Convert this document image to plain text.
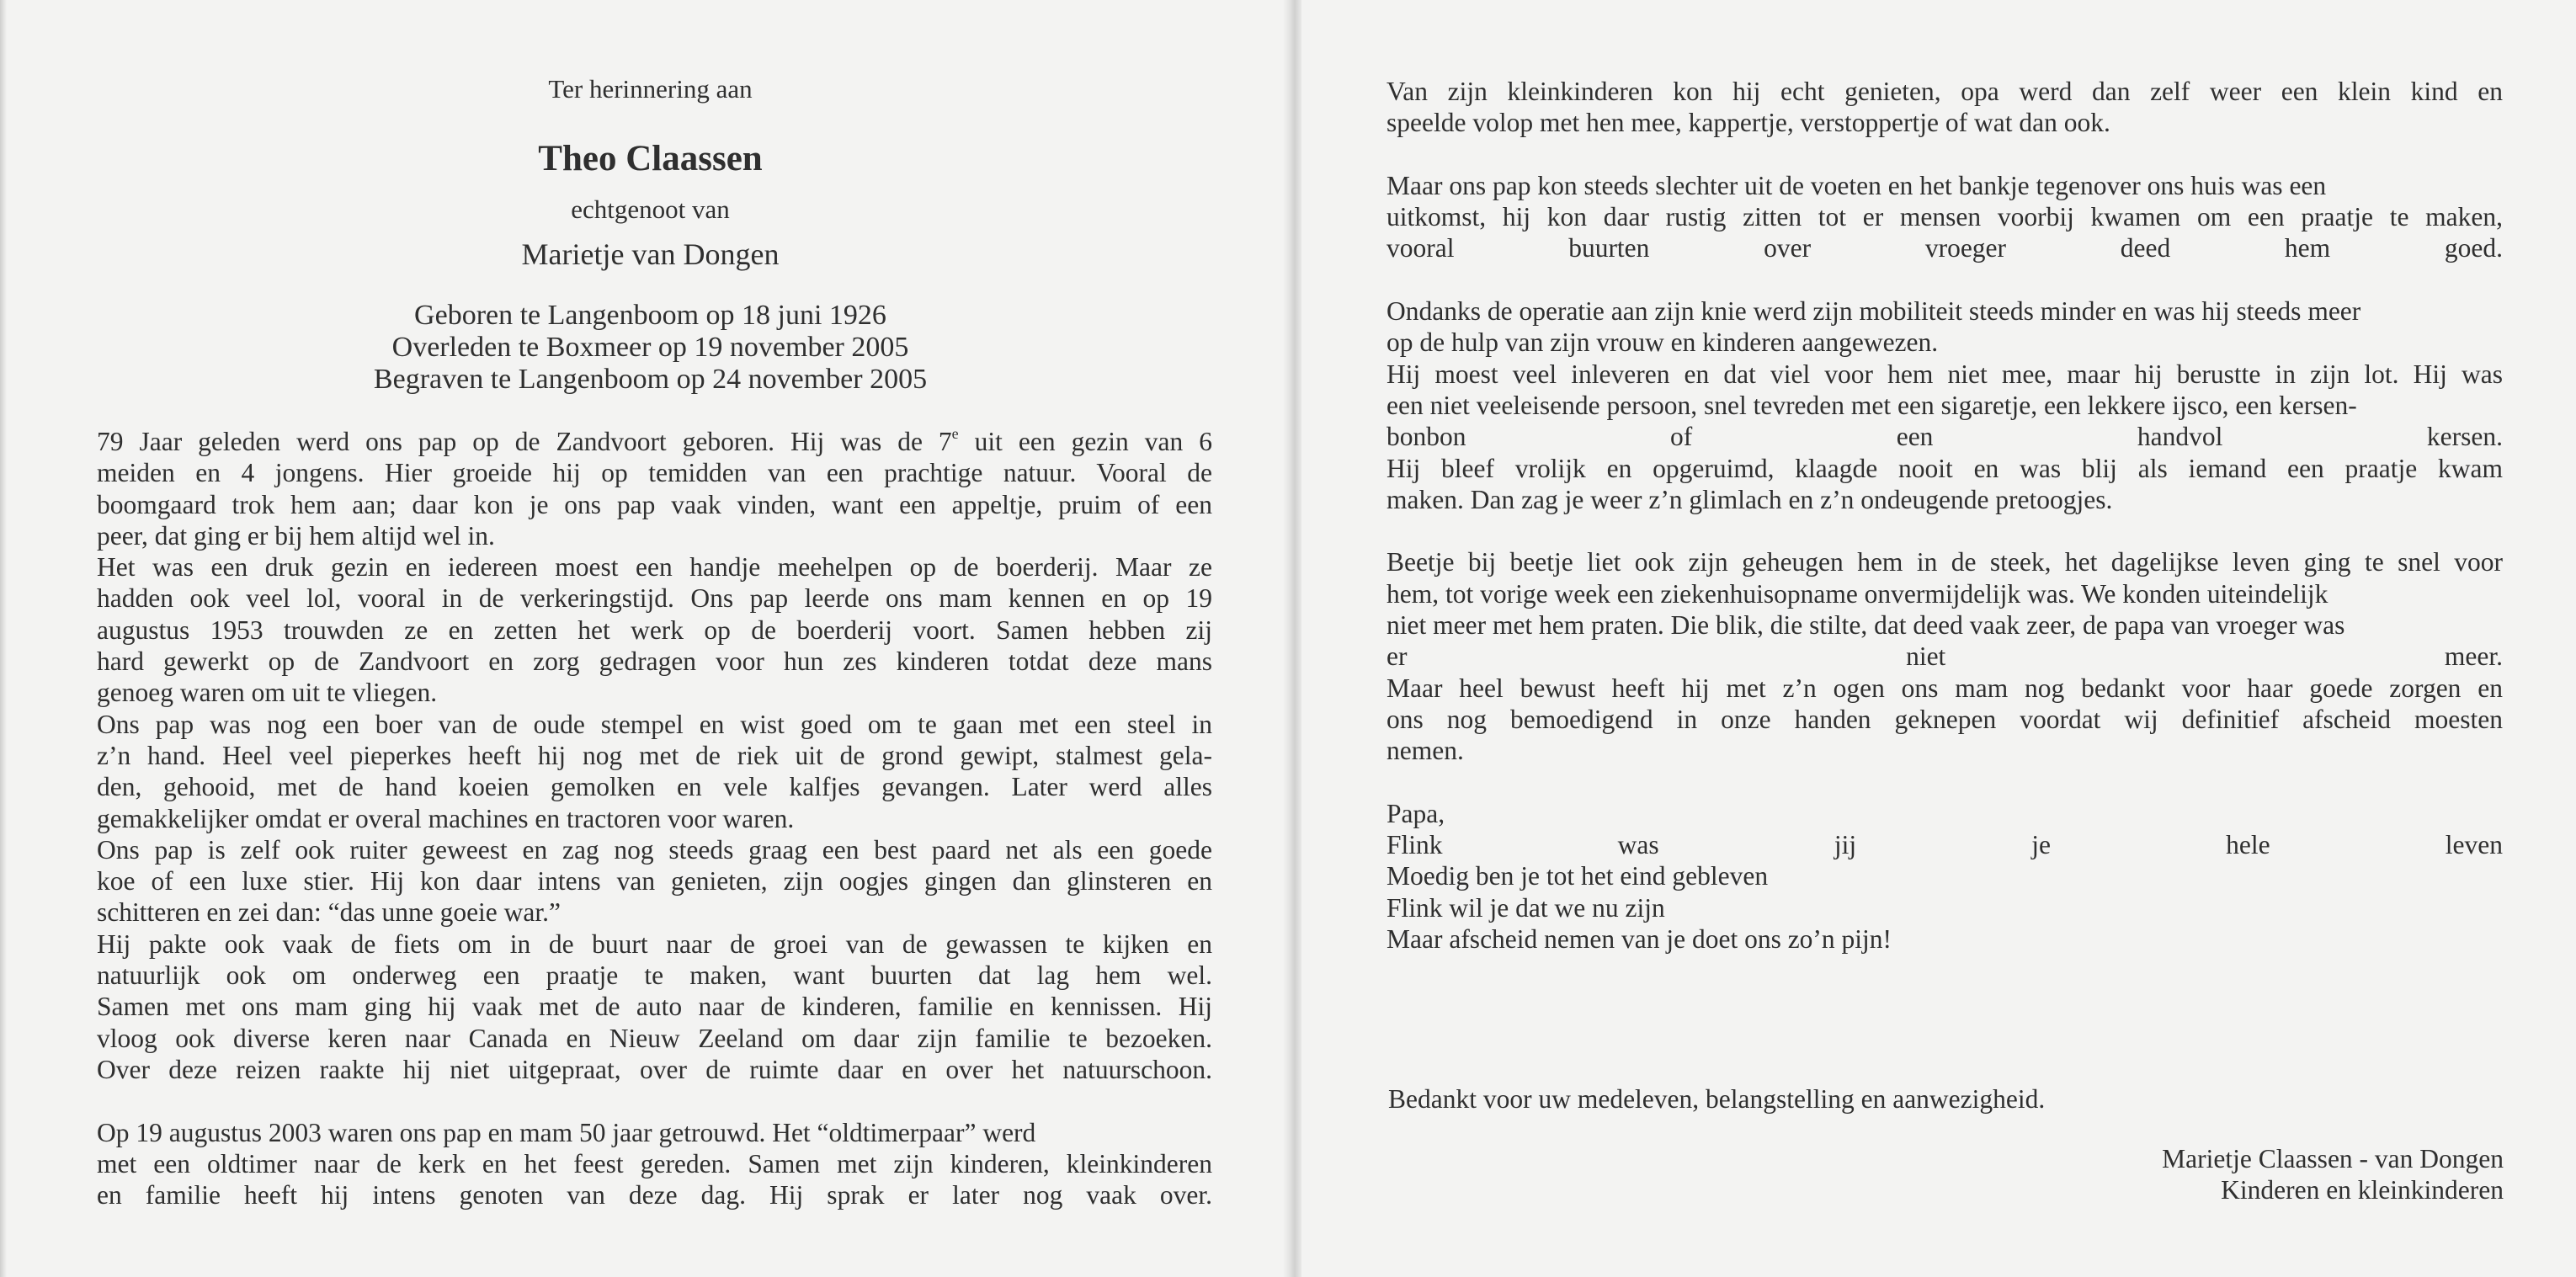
Ter herinnering aan
Theo Claassen
echtgenoot van
Marietje van Dongen
Geboren te Langenboom op 18 juni 1926
Overleden te Boxmeer op 19 november 2005
Begraven te Langenboom op 24 november 2005

79 Jaar geleden werd ons pap op de Zandvoort geboren. Hij was de 7e uit een gezin van 6

meiden en 4 jongens. Hier groeide hij op temidden van een prachtige natuur. Vooral de

boomgaard trok hem aan; daar kon je ons pap vaak vinden, want een appeltje, pruim of een

peer, dat ging er bij hem altijd wel in.

Het was een druk gezin en iedereen moest een handje meehelpen op de boerderij. Maar ze

hadden ook veel lol, vooral in de verkeringstijd. Ons pap leerde ons mam kennen en op 19

augustus 1953 trouwden ze en zetten het werk op de boerderij voort. Samen hebben zij

hard gewerkt op de Zandvoort en zorg gedragen voor hun zes kinderen totdat deze mans

genoeg waren om uit te vliegen.

Ons pap was nog een boer van de oude stempel en wist goed om te gaan met een steel in

z’n hand. Heel veel pieperkes heeft hij nog met de riek uit de grond gewipt, stalmest gela-

den, gehooid, met de hand koeien gemolken en vele kalfjes gevangen. Later werd alles

gemakkelijker omdat er overal machines en tractoren voor waren.

Ons pap is zelf ook ruiter geweest en zag nog steeds graag een best paard net als een goede

koe of een luxe stier. Hij kon daar intens van genieten, zijn oogjes gingen dan glinsteren en

schitteren en zei dan: “das unne goeie war.”

Hij pakte ook vaak de fiets om in de buurt naar de groei van de gewassen te kijken en

natuurlijk ook om onderweg een praatje te maken, want buurten dat lag hem wel.

Samen met ons mam ging hij vaak met de auto naar de kinderen, familie en kennissen. Hij

vloog ook diverse keren naar Canada en Nieuw Zeeland om daar zijn familie te bezoeken.

Over deze reizen raakte hij niet uitgepraat, over de ruimte daar en over het natuurschoon.

Op 19 augustus 2003 waren ons pap en mam 50 jaar getrouwd. Het “oldtimerpaar” werd

met een oldtimer naar de kerk en het feest gereden. Samen met zijn kinderen, kleinkinderen

en familie heeft hij intens genoten van deze dag. Hij sprak er later nog vaak over.

Van zijn kleinkinderen kon hij echt genieten, opa werd dan zelf weer een klein kind en

speelde volop met hen mee, kappertje, verstoppertje of wat dan ook.

Maar ons pap kon steeds slechter uit de voeten en het bankje tegenover ons huis was een

uitkomst, hij kon daar rustig zitten tot er mensen voorbij kwamen om een praatje te maken,

vooral buurten over vroeger deed hem goed.

Ondanks de operatie aan zijn knie werd zijn mobiliteit steeds minder en was hij steeds meer

op de hulp van zijn vrouw en kinderen aangewezen.

Hij moest veel inleveren en dat viel voor hem niet mee, maar hij berustte in zijn lot. Hij was

een niet veeleisende persoon, snel tevreden met een sigaretje, een lekkere ijsco, een kersen-

bonbon of een handvol kersen.

Hij bleef vrolijk en opgeruimd, klaagde nooit en was blij als iemand een praatje kwam

maken. Dan zag je weer z’n glimlach en z’n ondeugende pretoogjes.

Beetje bij beetje liet ook zijn geheugen hem in de steek, het dagelijkse leven ging te snel voor

hem, tot vorige week een ziekenhuisopname onvermijdelijk was. We konden uiteindelijk

niet meer met hem praten. Die blik, die stilte, dat deed vaak zeer, de papa van vroeger was

er niet meer.

Maar heel bewust heeft hij met z’n ogen ons mam nog bedankt voor haar goede zorgen en

ons nog bemoedigend in onze handen geknepen voordat wij definitief afscheid moesten

nemen.

Papa,

Flink was jij je hele leven

Moedig ben je tot het eind gebleven

Flink wil je dat we nu zijn

Maar afscheid nemen van je doet ons zo’n pijn!

Bedankt voor uw medeleven, belangstelling en aanwezigheid.
Marietje Claassen - van Dongen
Kinderen en kleinkinderen
